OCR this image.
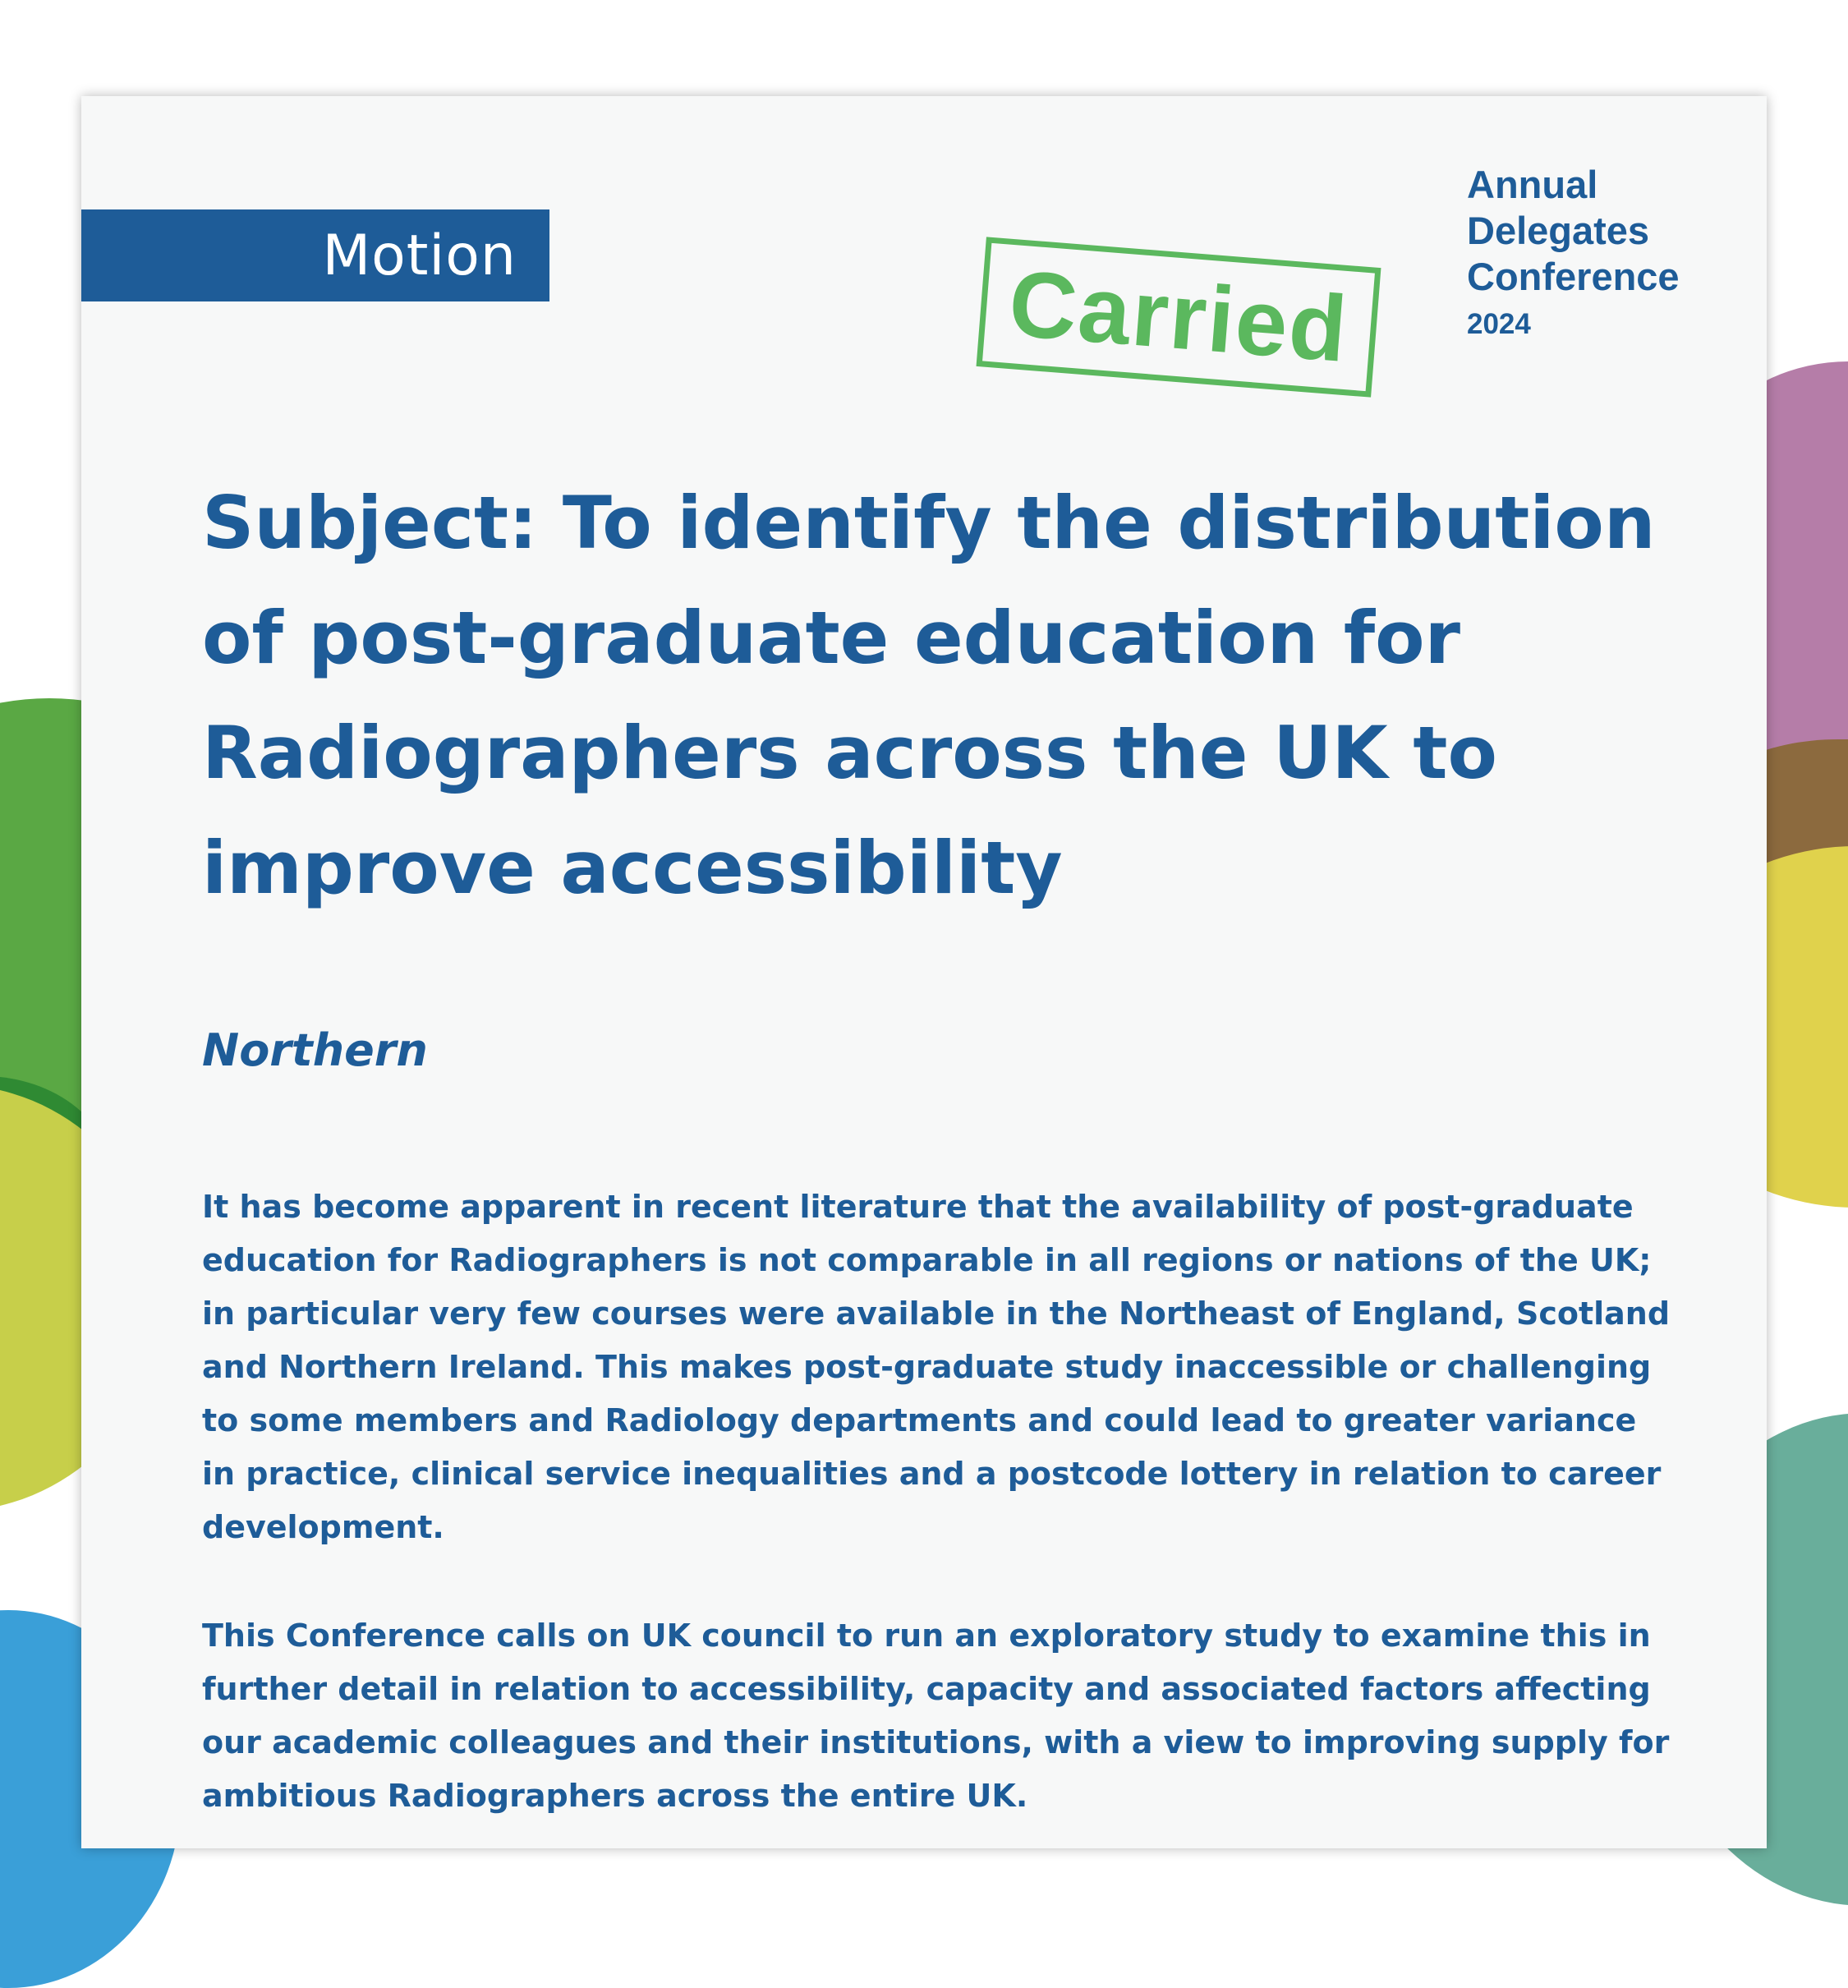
Motion	Carried
Annual
Delegates
Conference
2024
Subject: To identify the distribution of post-graduate education for Radiographers across the UK to improve accessibility
Northern

It has become apparent in recent literature that the availability of post-graduate education for Radiographers is not comparable in all regions or nations of the UK; in particular very few courses were available in the Northeast of England, Scotland and Northern Ireland. This makes post-graduate study inaccessible or challenging to some members and Radiology departments and could lead to greater variance in practice, clinical service inequalities and a postcode lottery in relation to career development.

This Conference calls on UK council to run an exploratory study to examine this in further detail in relation to accessibility, capacity and associated factors affecting our academic colleagues and their institutions, with a view to improving supply for ambitious Radiographers across the entire UK.
